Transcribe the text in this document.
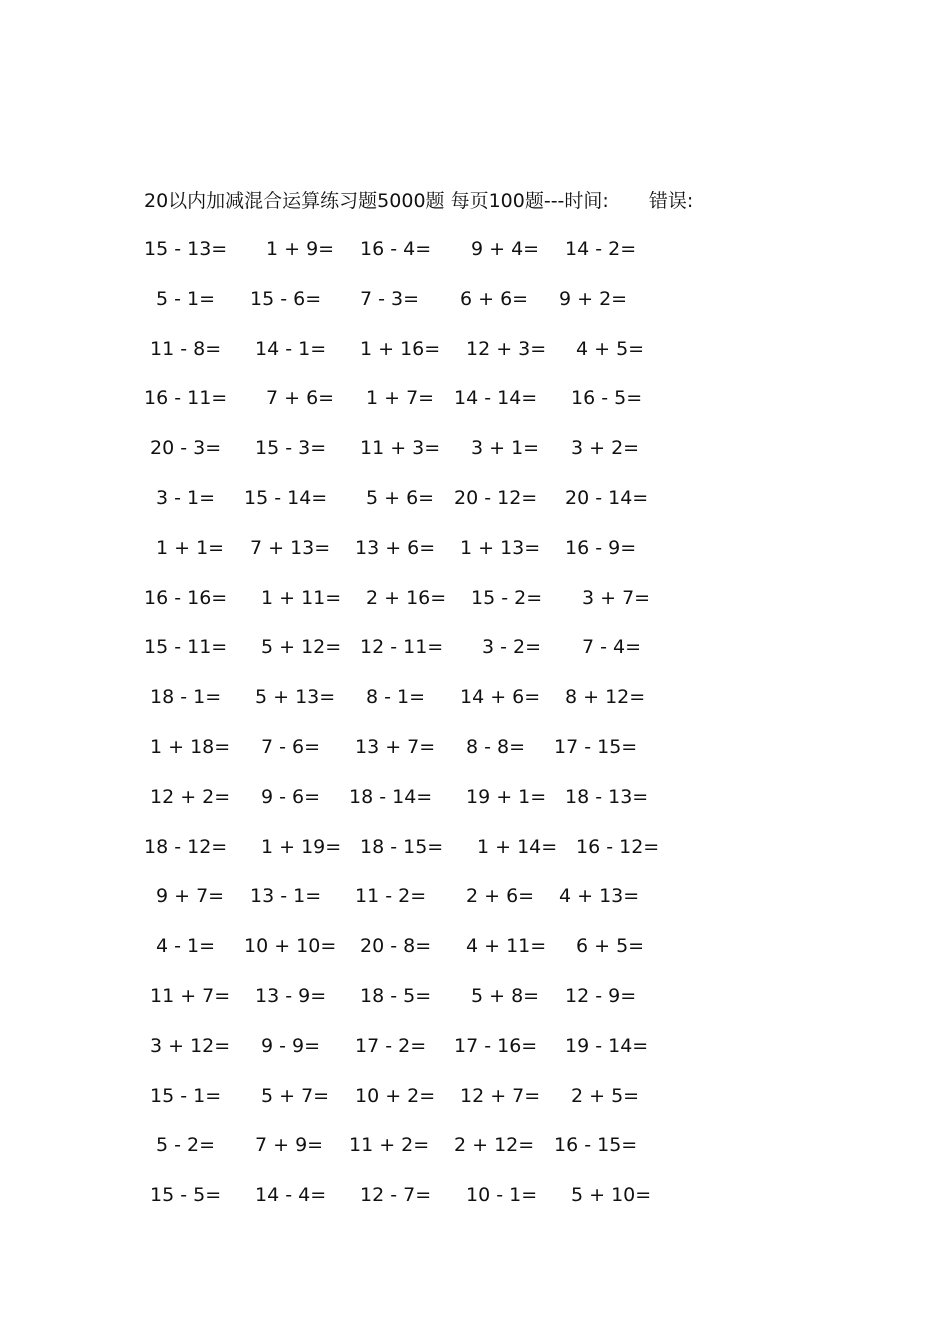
20以内加减混合运算练习题5000题 每页100题---时间: 错误:
15 - 13= 1 + 9= 16 - 4= 9 + 4= 14 - 2=
5 - 1= 15 - 6= 7 - 3= 6 + 6= 9 + 2=
11 - 8= 14 - 1= 1 + 16= 12 + 3= 4 + 5=
16 - 11= 7 + 6= 1 + 7= 14 - 14= 16 - 5=
20 - 3= 15 - 3= 11 + 3= 3 + 1= 3 + 2=
3 - 1= 15 - 14= 5 + 6= 20 - 12= 20 - 14=
1 + 1= 7 + 13= 13 + 6= 1 + 13= 16 - 9=
16 - 16= 1 + 11= 2 + 16= 15 - 2= 3 + 7=
15 - 11= 5 + 12= 12 - 11= 3 - 2= 7 - 4=
18 - 1= 5 + 13= 8 - 1= 14 + 6= 8 + 12=
1 + 18= 7 - 6= 13 + 7= 8 - 8= 17 - 15=
12 + 2= 9 - 6= 18 - 14= 19 + 1= 18 - 13=
18 - 12= 1 + 19= 18 - 15= 1 + 14= 16 - 12=
9 + 7= 13 - 1= 11 - 2= 2 + 6= 4 + 13=
4 - 1= 10 + 10= 20 - 8= 4 + 11= 6 + 5=
11 + 7= 13 - 9= 18 - 5= 5 + 8= 12 - 9=
3 + 12= 9 - 9= 17 - 2= 17 - 16= 19 - 14=
15 - 1= 5 + 7= 10 + 2= 12 + 7= 2 + 5=
5 - 2= 7 + 9= 11 + 2= 2 + 12= 16 - 15=
15 - 5= 14 - 4= 12 - 7= 10 - 1= 5 + 10=
